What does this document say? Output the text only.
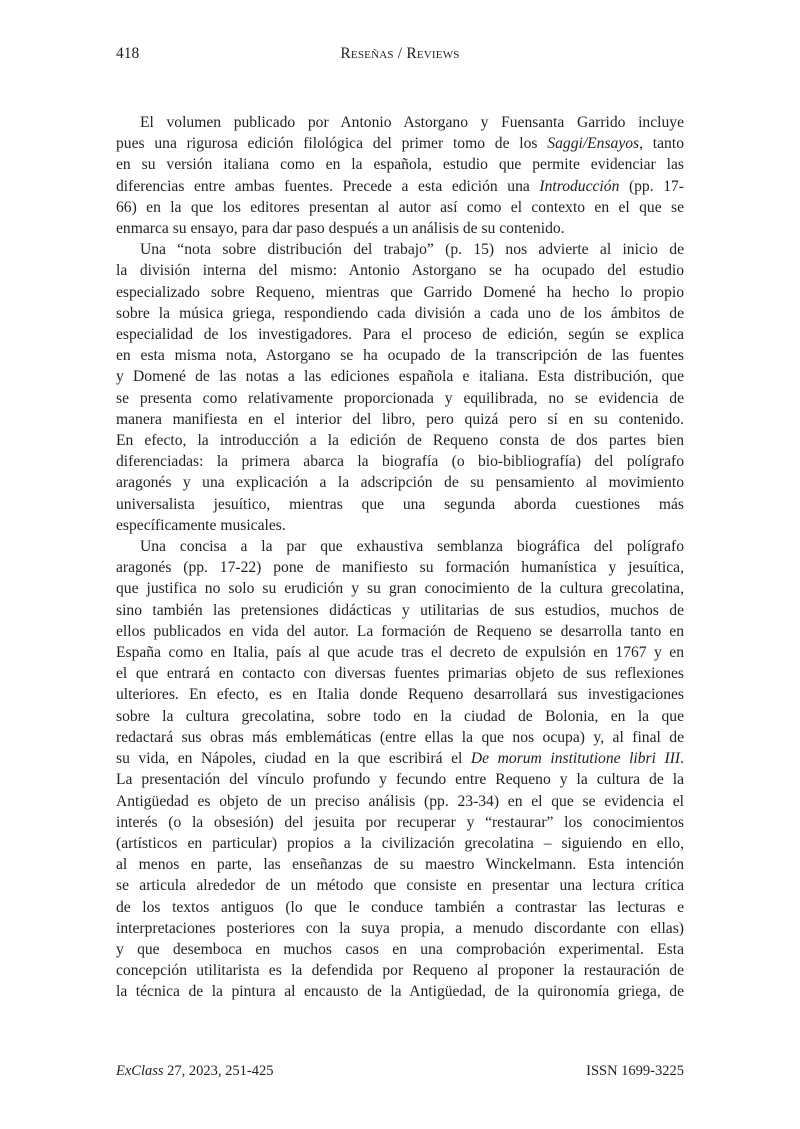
418	Reseñas / Reviews
El volumen publicado por Antonio Astorgano y Fuensanta Garrido incluye
pues una rigurosa edición filológica del primer tomo de los Saggi/Ensayos, tanto
en su versión italiana como en la española, estudio que permite evidenciar las
diferencias entre ambas fuentes. Precede a esta edición una Introducción (pp. 17-
66) en la que los editores presentan al autor así como el contexto en el que se
enmarca su ensayo, para dar paso después a un análisis de su contenido.
Una “nota sobre distribución del trabajo” (p. 15) nos advierte al inicio de
la división interna del mismo: Antonio Astorgano se ha ocupado del estudio
especializado sobre Requeno, mientras que Garrido Domené ha hecho lo propio
sobre la música griega, respondiendo cada división a cada uno de los ámbitos de
especialidad de los investigadores. Para el proceso de edición, según se explica
en esta misma nota, Astorgano se ha ocupado de la transcripción de las fuentes
y Domené de las notas a las ediciones española e italiana. Esta distribución, que
se presenta como relativamente proporcionada y equilibrada, no se evidencia de
manera manifiesta en el interior del libro, pero quizá pero sí en su contenido.
En efecto, la introducción a la edición de Requeno consta de dos partes bien
diferenciadas: la primera abarca la biografía (o bio-bibliografía) del polígrafo
aragonés y una explicación a la adscripción de su pensamiento al movimiento
universalista jesuítico, mientras que una segunda aborda cuestiones más
específicamente musicales.
Una concisa a la par que exhaustiva semblanza biográfica del polígrafo
aragonés (pp. 17-22) pone de manifiesto su formación humanística y jesuítica,
que justifica no solo su erudición y su gran conocimiento de la cultura grecolatina,
sino también las pretensiones didácticas y utilitarias de sus estudios, muchos de
ellos publicados en vida del autor. La formación de Requeno se desarrolla tanto en
España como en Italia, país al que acude tras el decreto de expulsión en 1767 y en
el que entrará en contacto con diversas fuentes primarias objeto de sus reflexiones
ulteriores. En efecto, es en Italia donde Requeno desarrollará sus investigaciones
sobre la cultura grecolatina, sobre todo en la ciudad de Bolonia, en la que
redactará sus obras más emblemáticas (entre ellas la que nos ocupa) y, al final de
su vida, en Nápoles, ciudad en la que escribirá el De morum institutione libri III.
La presentación del vínculo profundo y fecundo entre Requeno y la cultura de la
Antigüedad es objeto de un preciso análisis (pp. 23-34) en el que se evidencia el
interés (o la obsesión) del jesuita por recuperar y “restaurar” los conocimientos
(artísticos en particular) propios a la civilización grecolatina – siguiendo en ello,
al menos en parte, las enseñanzas de su maestro Winckelmann. Esta intención
se articula alrededor de un método que consiste en presentar una lectura crítica
de los textos antiguos (lo que le conduce también a contrastar las lecturas e
interpretaciones posteriores con la suya propia, a menudo discordante con ellas)
y que desemboca en muchos casos en una comprobación experimental. Esta
concepción utilitarista es la defendida por Requeno al proponer la restauración de
la técnica de la pintura al encausto de la Antigüedad, de la quironomía griega, de
ExClass 27, 2023, 251-425	ISSN 1699-3225
